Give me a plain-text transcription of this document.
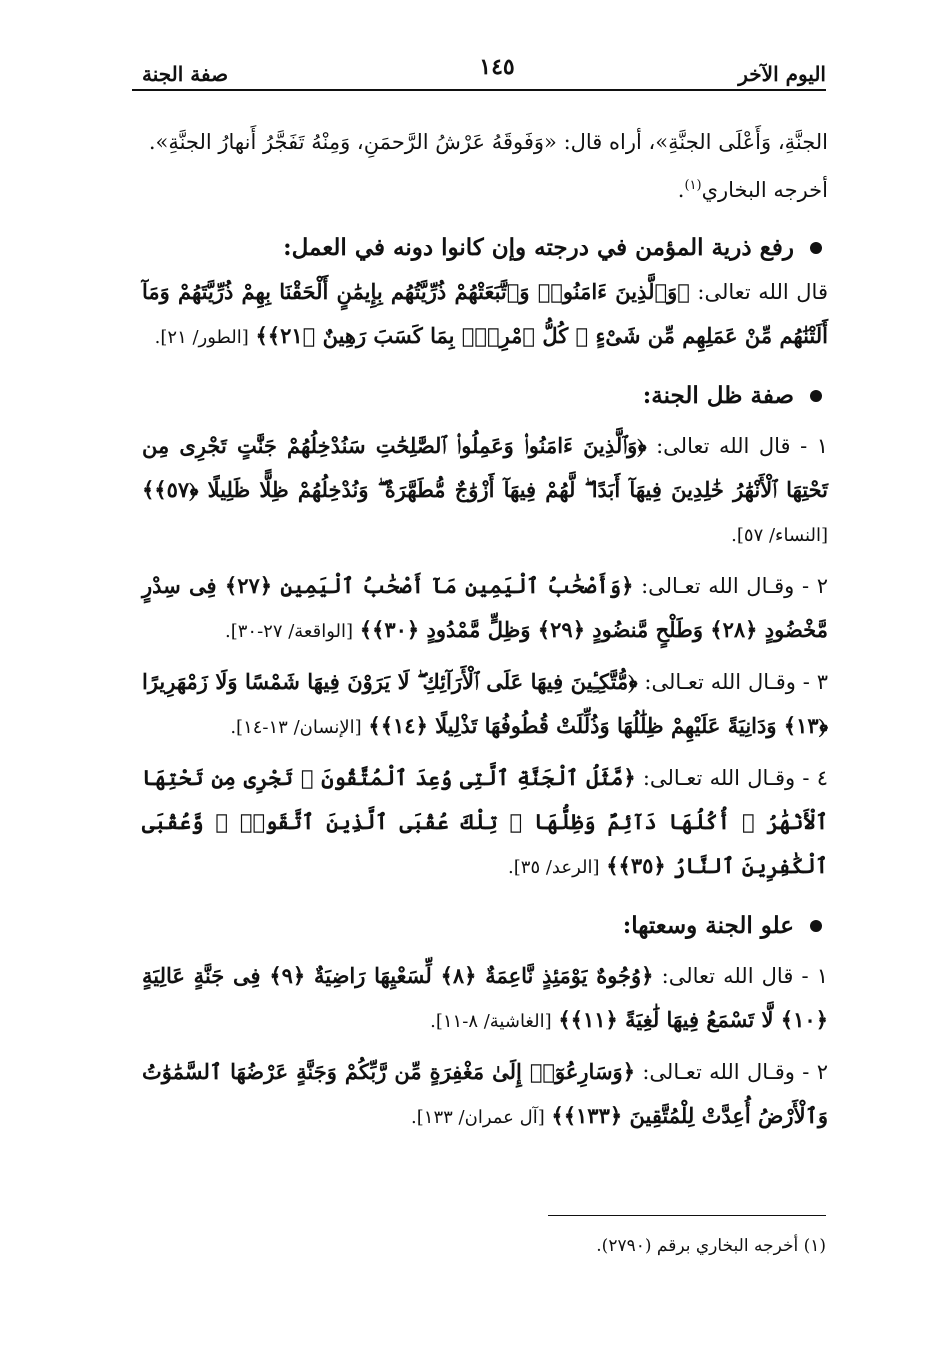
اليوم الآخر
١٤٥
صفة الجنة

الجنَّةِ، وَأَعْلَى الجنَّةِ»، أراه قال: «وَفَوقَهُ عَرْشُ الرَّحمَنِ، وَمِنْهُ تَفَجَّرُ أَنهارُ الجنَّةِ».

أخرجه البخاري$^{(١)}$.

رفع ذرية المؤمن في درجته وإن كانوا دونه في العمل:

قال الله تعالى: ﴿وَٱلَّذِينَ ءَامَنُوا۟ وَٱتَّبَعَتْهُمْ ذُرِّيَّتُهُم بِإِيمَٰنٍ أَلْحَقْنَا بِهِمْ ذُرِّيَّتَهُمْ وَمَآ أَلَتْنَٰهُم مِّنْ عَمَلِهِم مِّن شَىْءٍ ۚ كُلُّ ٱمْرِئٍۭ بِمَا كَسَبَ رَهِينٌ ﴿٢١﴾﴾ [الطور/ ٢١].

صفة ظل الجنة:

١ - قال الله تعالى: ﴿وَٱلَّذِينَ ءَامَنُوا۟ وَعَمِلُوا۟ ٱلصَّٰلِحَٰتِ سَنُدْخِلُهُمْ جَنَّٰتٍ تَجْرِى مِن تَحْتِهَا ٱلْأَنْهَٰرُ خَٰلِدِينَ فِيهَآ أَبَدًا ۖ لَّهُمْ فِيهَآ أَزْوَٰجٌ مُّطَهَّرَةٌ ۖ وَنُدْخِلُهُمْ ظِلًّا ظَلِيلًا ﴿٥٧﴾﴾ [النساء/ ٥٧].

٢ - وقـال الله تعـالى: ﴿وَأَصْحَٰبُ ٱلْيَمِينِ مَآ أَصْحَٰبُ ٱلْيَمِينِ ﴿٢٧﴾ فِى سِدْرٍ مَّخْضُودٍ ﴿٢٨﴾ وَطَلْحٍ مَّنضُودٍ ﴿٢٩﴾ وَظِلٍّ مَّمْدُودٍ ﴿٣٠﴾﴾ [الواقعة/ ٢٧-٣٠].

٣ - وقـال الله تعـالى: ﴿مُّتَّكِـِٔينَ فِيهَا عَلَى ٱلْأَرَآئِكِ ۖ لَا يَرَوْنَ فِيهَا شَمْسًا وَلَا زَمْهَرِيرًا ﴿١٣﴾ وَدَانِيَةً عَلَيْهِمْ ظِلَٰلُهَا وَذُلِّلَتْ قُطُوفُهَا تَذْلِيلًا ﴿١٤﴾﴾ [الإنسان/ ١٣-١٤].

٤ - وقـال الله تعـالى: ﴿مَّثَلُ ٱلْجَنَّةِ ٱلَّتِى وُعِدَ ٱلْمُتَّقُونَ ۖ تَجْرِى مِن تَحْتِهَا ٱلْأَنْهَٰرُ ۖ أُكُلُهَا دَآئِمٌ وَظِلُّهَا ۚ تِلْكَ عُقْبَى ٱلَّذِينَ ٱتَّقَوا۟ ۖ وَّعُقْبَى ٱلْكَٰفِرِينَ ٱلنَّارُ ﴿٣٥﴾﴾ [الرعد/ ٣٥].

علو الجنة وسعتها:

١ - قال الله تعالى: ﴿وُجُوهٌ يَوْمَئِذٍ نَّاعِمَةٌ ﴿٨﴾ لِّسَعْيِهَا رَاضِيَةٌ ﴿٩﴾ فِى جَنَّةٍ عَالِيَةٍ ﴿١٠﴾ لَّا تَسْمَعُ فِيهَا لَٰغِيَةً ﴿١١﴾﴾ [الغاشية/ ٨-١١].

٢ - وقـال الله تعـالى: ﴿وَسَارِعُوٓا۟ إِلَىٰ مَغْفِرَةٍ مِّن رَّبِّكُمْ وَجَنَّةٍ عَرْضُهَا ٱلسَّمَٰوَٰتُ وَٱلْأَرْضُ أُعِدَّتْ لِلْمُتَّقِينَ ﴿١٣٣﴾﴾ [آل عمران/ ١٣٣].

(١) أخرجه البخاري برقم (٢٧٩٠).
